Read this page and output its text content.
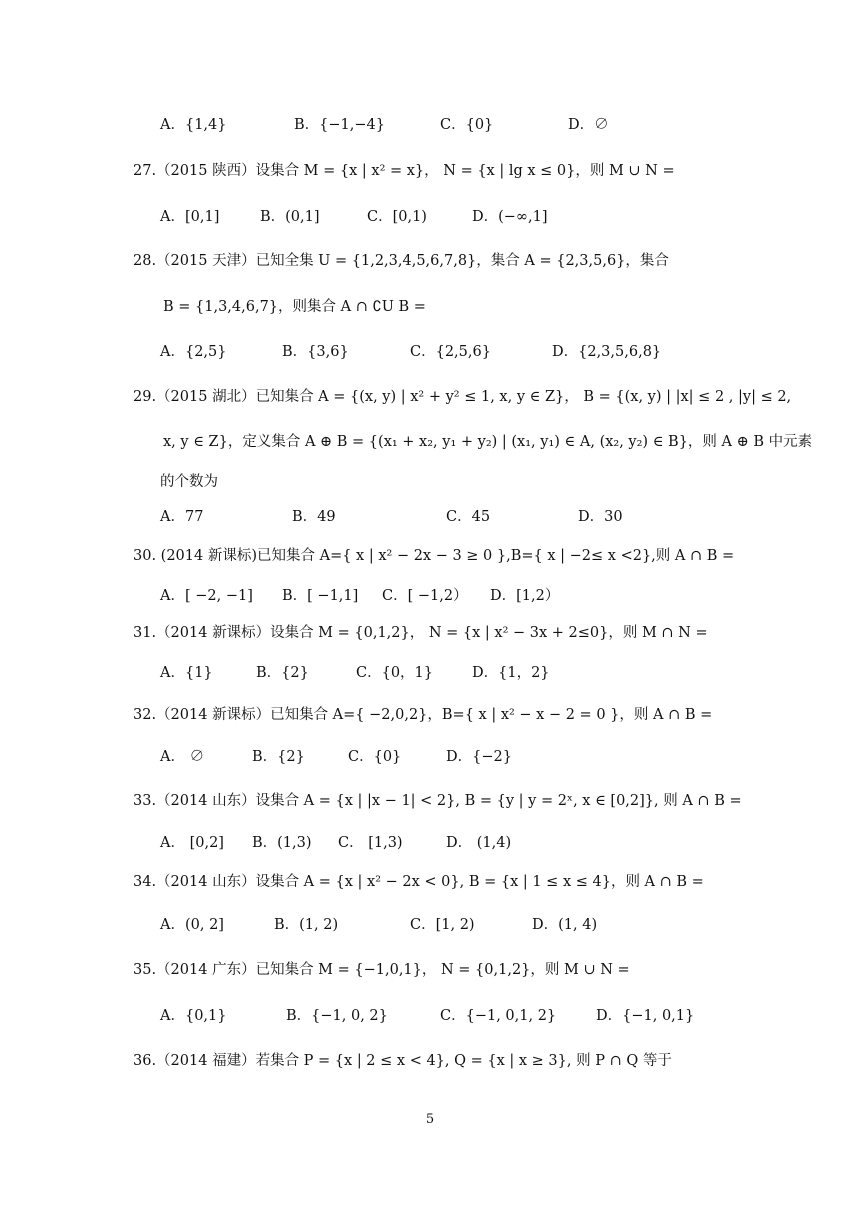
A．{1,4}	B．{−1,−4}	C．{0}	D．∅
27.（2015 陕西）设集合 M = {x | x² = x}， N = {x | lg x ≤ 0}，则 M ∪ N =
A．[0,1]	B．(0,1]	C．[0,1)	D．(−∞,1]
28.（2015 天津）已知全集 U = {1,2,3,4,5,6,7,8}，集合 A = {2,3,5,6}，集合
B = {1,3,4,6,7}，则集合 A ∩ ∁U B =
A．{2,5}	B．{3,6}	C．{2,5,6}	D．{2,3,5,6,8}
29.（2015 湖北）已知集合 A = {(x, y) | x² + y² ≤ 1, x, y ∈ Z}， B = {(x, y) | |x| ≤ 2 , |y| ≤ 2,
x, y ∈ Z}，定义集合 A ⊕ B = {(x₁ + x₂, y₁ + y₂) | (x₁, y₁) ∈ A, (x₂, y₂) ∈ B}，则 A ⊕ B 中元素
的个数为
A．77	B．49	C．45	D．30
30. (2014 新课标)已知集合 A={ x | x² − 2x − 3 ≥ 0 },B={ x | −2≤ x <2},则 A ∩ B =
A．[ −2, −1] B．[ −1,1] C．[ −1,2） D．[1,2）
31.（2014 新课标）设集合 M = {0,1,2}， N = {x | x² − 3x + 2≤0}，则 M ∩ N =
A．{1}	B．{2}	C．{0，1}	D．{1，2}
32.（2014 新课标）已知集合 A={ −2,0,2}，B={ x | x² − x − 2 = 0 }，则 A ∩ B =
A． ∅	B．{2}	C．{0}	D．{−2}
33.（2014 山东）设集合 A = {x | |x − 1| < 2}, B = {y | y = 2ˣ, x ∈ [0,2]}, 则 A ∩ B =
A． [0,2] B．(1,3) C． [1,3)	D． (1,4)
34.（2014 山东）设集合 A = {x | x² − 2x < 0}, B = {x | 1 ≤ x ≤ 4}，则 A ∩ B =
A．(0, 2]	B．(1, 2)	C．[1, 2)	D．(1, 4)
35.（2014 广东）已知集合 M = {−1,0,1}， N = {0,1,2}，则 M ∪ N =
A．{0,1}	B．{−1, 0, 2}	C．{−1, 0,1, 2}	D．{−1, 0,1}
36.（2014 福建）若集合 P = {x | 2 ≤ x < 4}, Q = {x | x ≥ 3}, 则 P ∩ Q 等于
5
